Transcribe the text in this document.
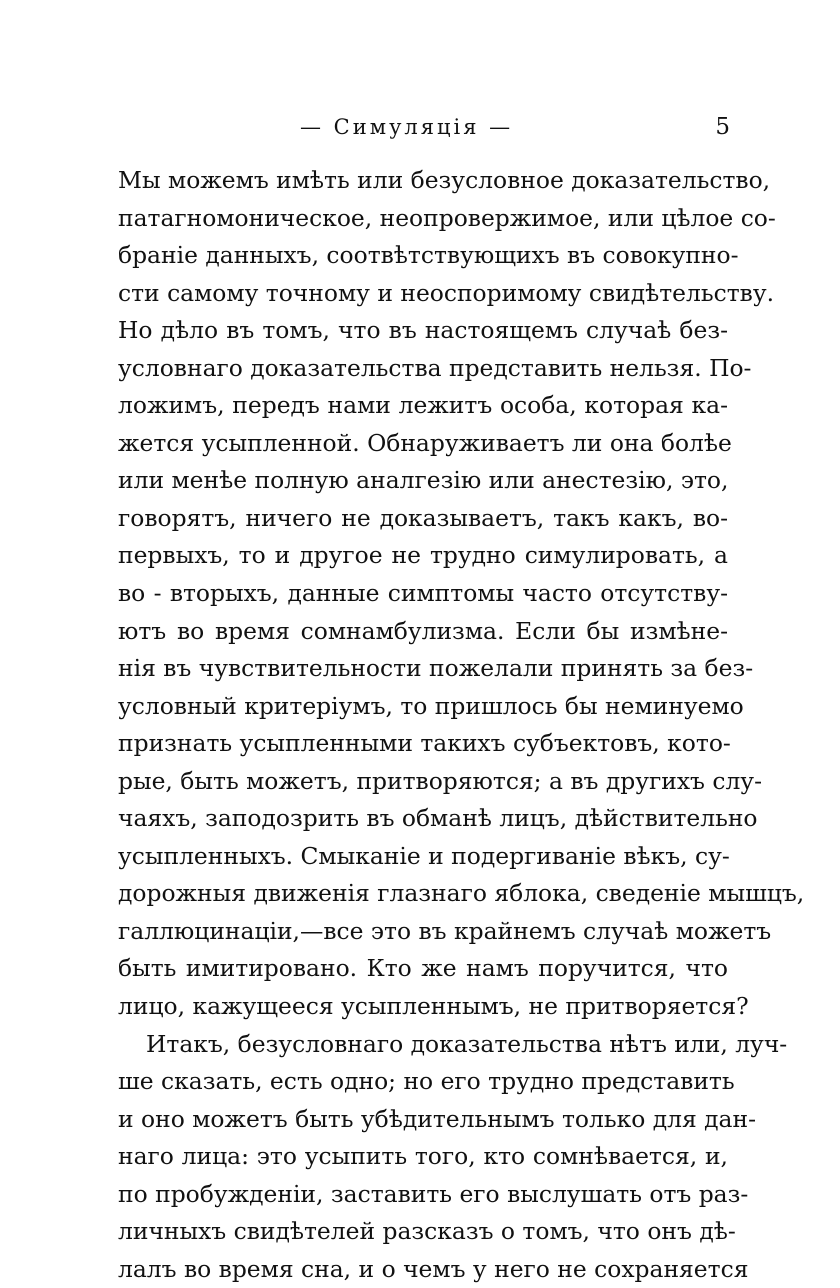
— Симуляція —	5
Мы можемъ имѣть или безусловное доказательство,
патагномоническое, неопровержимое, или цѣлое со-
браніе данныхъ, соотвѣтствующихъ въ совокупно-
сти самому точному и неоспоримому свидѣтельству.
Но дѣло въ томъ, что въ настоящемъ случаѣ без-
условнаго доказательства представить нельзя. По-
ложимъ, передъ нами лежитъ особа, которая ка-
жется усыпленной. Обнаруживаетъ ли она болѣе
или менѣе полную аналгезію или анестезію, это,
говорятъ, ничего не доказываетъ, такъ какъ, во-
первыхъ, то и другое не трудно симулировать, а
во - вторыхъ, данные симптомы часто отсутству-
ютъ во время сомнамбулизма. Если бы измѣне-
нія въ чувствительности пожелали принять за без-
условный критеріумъ, то пришлось бы неминуемо
признать усыпленными такихъ субъектовъ, кото-
рые, быть можетъ, притворяются; а въ другихъ слу-
чаяхъ, заподозрить въ обманѣ лицъ, дѣйствительно
усыпленныхъ. Смыканіе и подергиваніе вѣкъ, су-
дорожныя движенія глазнаго яблока, сведеніе мышцъ,
галлюцинаціи,—все это въ крайнемъ случаѣ можетъ
быть имитировано. Кто же намъ поручится, что
лицо, кажущееся усыпленнымъ, не притворяется?
Итакъ, безусловнаго доказательства нѣтъ или, луч-
ше сказать, есть одно; но его трудно представить
и оно можетъ быть убѣдительнымъ только для дан-
наго лица: это усыпить того, кто сомнѣвается, и,
по пробужденіи, заставить его выслушать отъ раз-
личныхъ свидѣтелей разсказъ о томъ, что онъ дѣ-
лалъ во время сна, и о чемъ у него не сохраняется
